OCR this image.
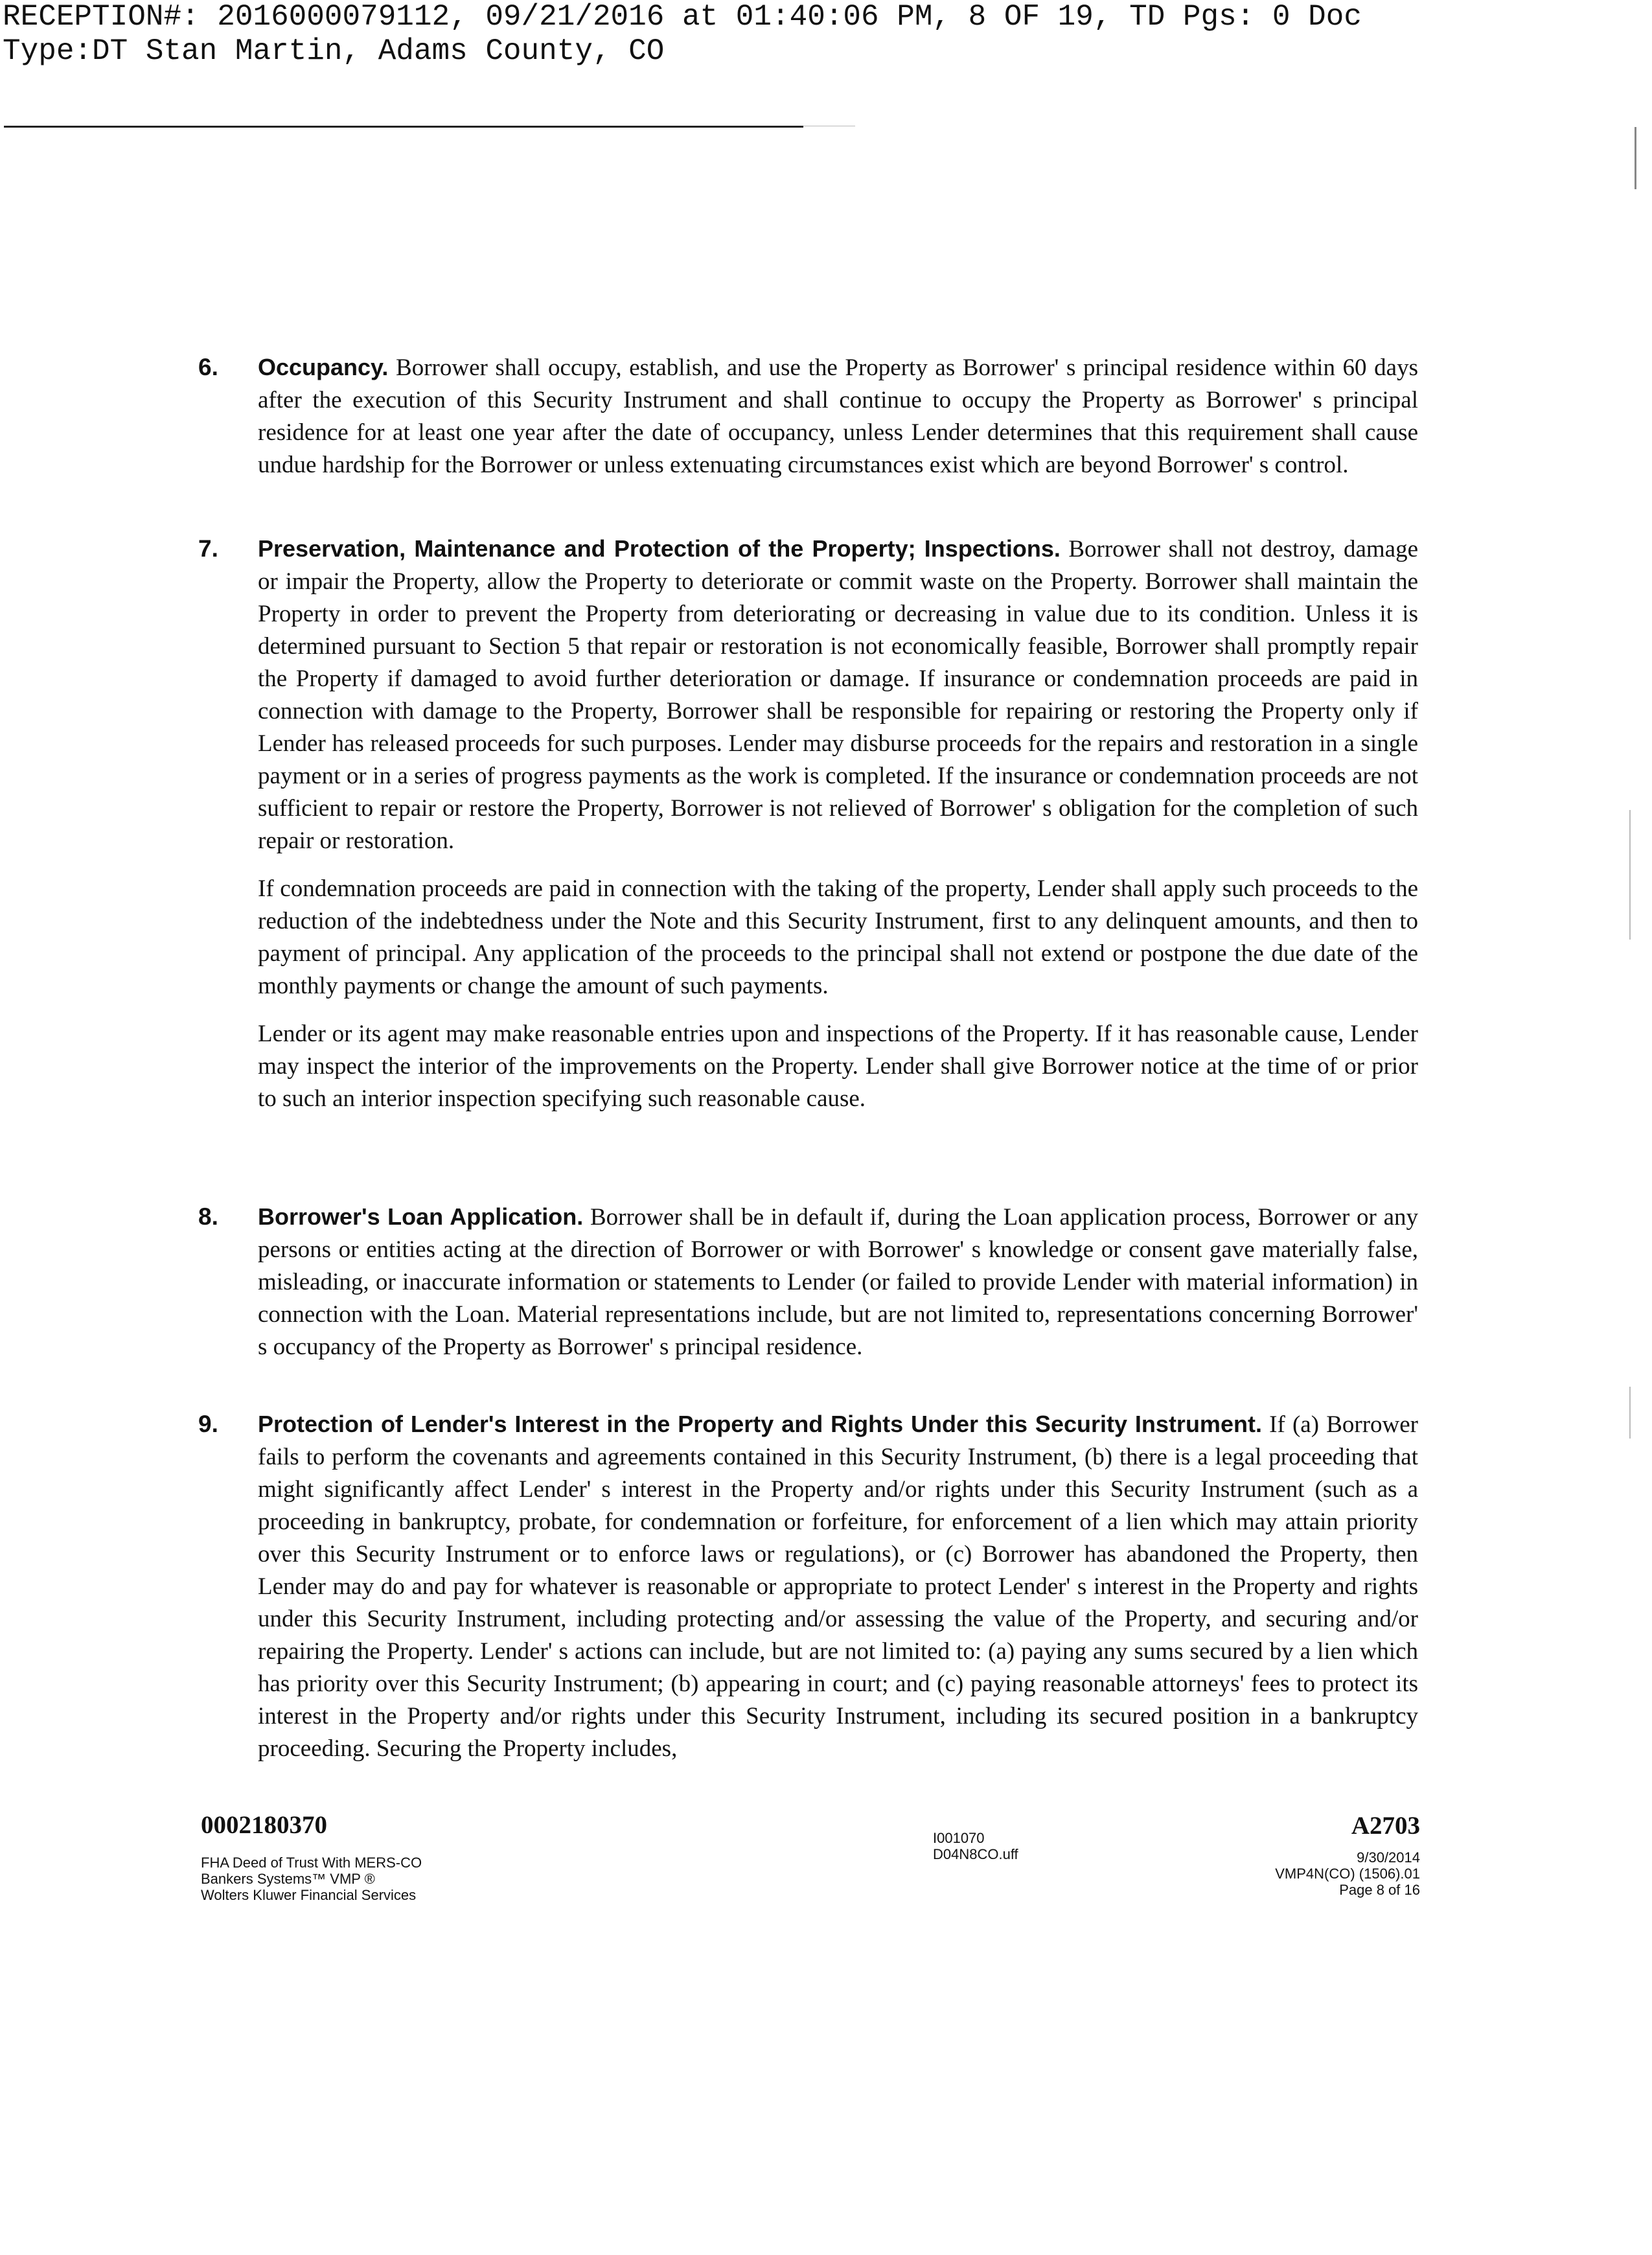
RECEPTION#: 2016000079112, 09/21/2016 at 01:40:06 PM, 8 OF 19, TD Pgs: 0 Doc
Type:DT Stan Martin, Adams County, CO
6.	Occupancy. Borrower shall occupy, establish, and use the Property as Borrower' s principal residence within 60 days after the execution of this Security Instrument and shall continue to occupy the Property as Borrower' s principal residence for at least one year after the date of occupancy, unless Lender determines that this requirement shall cause undue hardship for the Borrower or unless extenuating circumstances exist which are beyond Borrower' s control.

7.	Preservation, Maintenance and Protection of the Property; Inspections. Borrower shall not destroy, damage or impair the Property, allow the Property to deteriorate or commit waste on the Property. Borrower shall maintain the Property in order to prevent the Property from deteriorating or decreasing in value due to its condition. Unless it is determined pursuant to Section 5 that repair or restoration is not economically feasible, Borrower shall promptly repair the Property if damaged to avoid further deterioration or damage. If insurance or condemnation proceeds are paid in connection with damage to the Property, Borrower shall be responsible for repairing or restoring the Property only if Lender has released proceeds for such purposes. Lender may disburse proceeds for the repairs and restoration in a single payment or in a series of progress payments as the work is completed. If the insurance or condemnation proceeds are not sufficient to repair or restore the Property, Borrower is not relieved of Borrower' s obligation for the completion of such repair or restoration.

If condemnation proceeds are paid in connection with the taking of the property, Lender shall apply such proceeds to the reduction of the indebtedness under the Note and this Security Instrument, first to any delinquent amounts, and then to payment of principal. Any application of the proceeds to the principal shall not extend or postpone the due date of the monthly payments or change the amount of such payments.

Lender or its agent may make reasonable entries upon and inspections of the Property. If it has reasonable cause, Lender may inspect the interior of the improvements on the Property. Lender shall give Borrower notice at the time of or prior to such an interior inspection specifying such reasonable cause.

8.	Borrower's Loan Application. Borrower shall be in default if, during the Loan application process, Borrower or any persons or entities acting at the direction of Borrower or with Borrower' s knowledge or consent gave materially false, misleading, or inaccurate information or statements to Lender (or failed to provide Lender with material information) in connection with the Loan. Material representations include, but are not limited to, representations concerning Borrower' s occupancy of the Property as Borrower' s principal residence.

9.	Protection of Lender's Interest in the Property and Rights Under this Security Instrument. If (a) Borrower fails to perform the covenants and agreements contained in this Security Instrument, (b) there is a legal proceeding that might significantly affect Lender' s interest in the Property and/or rights under this Security Instrument (such as a proceeding in bankruptcy, probate, for condemnation or forfeiture, for enforcement of a lien which may attain priority over this Security Instrument or to enforce laws or regulations), or (c) Borrower has abandoned the Property, then Lender may do and pay for whatever is reasonable or appropriate to protect Lender' s interest in the Property and rights under this Security Instrument, including protecting and/or assessing the value of the Property, and securing and/or repairing the Property. Lender' s actions can include, but are not limited to: (a) paying any sums secured by a lien which has priority over this Security Instrument; (b) appearing in court; and (c) paying reasonable attorneys' fees to protect its interest in the Property and/or rights under this Security Instrument, including its secured position in a bankruptcy proceeding. Securing the Property includes,

0002180370
FHA Deed of Trust With MERS-CO
Bankers Systems™ VMP ®
Wolters Kluwer Financial Services
I001070
D04N8CO.uff
A2703
9/30/2014
VMP4N(CO) (1506).01
Page 8 of 16
